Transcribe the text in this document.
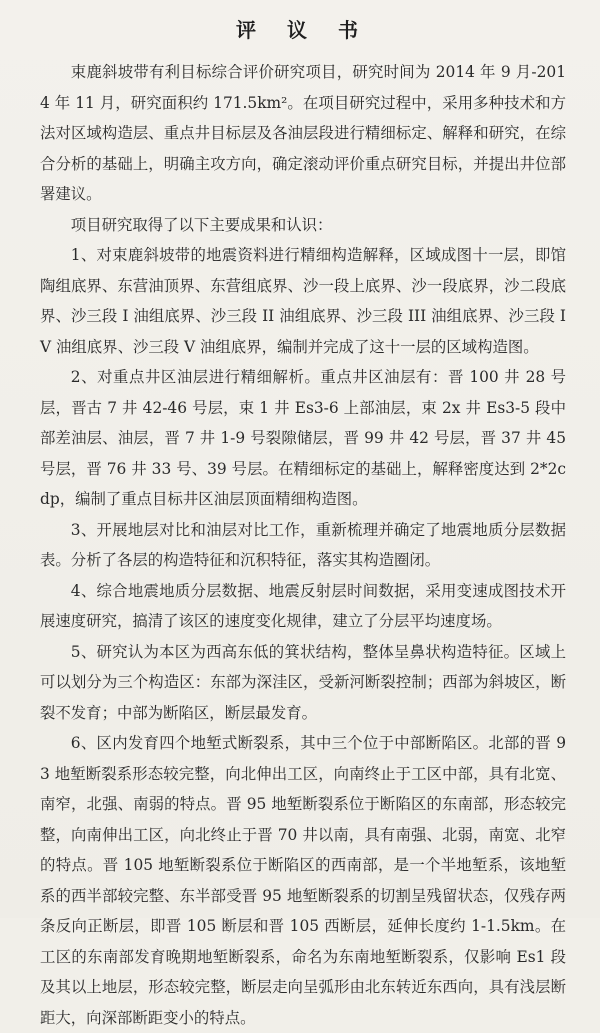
评 议 书

束鹿斜坡带有利目标综合评价研究项目，研究时间为 2014 年 9 月-2014 年 11 月，研究面积约 171.5km²。在项目研究过程中，采用多种技术和方法对区域构造层、重点井目标层及各油层段进行精细标定、解释和研究，在综合分析的基础上，明确主攻方向，确定滚动评价重点研究目标，并提出井位部署建议。

项目研究取得了以下主要成果和认识：

1、对束鹿斜坡带的地震资料进行精细构造解释，区域成图十一层，即馆陶组底界、东营油顶界、东营组底界、沙一段上底界、沙一段底界，沙二段底界、沙三段 I 油组底界、沙三段 II 油组底界、沙三段 III 油组底界、沙三段 IV 油组底界、沙三段 V 油组底界，编制并完成了这十一层的区域构造图。

2、对重点井区油层进行精细解析。重点井区油层有：晋 100 井 28 号层，晋古 7 井 42-46 号层，束 1 井 Es3-6 上部油层，束 2x 井 Es3-5 段中部差油层、油层，晋 7 井 1-9 号裂隙储层，晋 99 井 42 号层，晋 37 井 45 号层，晋 76 井 33 号、39 号层。在精细标定的基础上，解释密度达到 2*2cdp，编制了重点目标井区油层顶面精细构造图。

3、开展地层对比和油层对比工作，重新梳理并确定了地震地质分层数据表。分析了各层的构造特征和沉积特征，落实其构造圈闭。

4、综合地震地质分层数据、地震反射层时间数据，采用变速成图技术开展速度研究，搞清了该区的速度变化规律，建立了分层平均速度场。

5、研究认为本区为西高东低的箕状结构，整体呈鼻状构造特征。区域上可以划分为三个构造区：东部为深洼区，受新河断裂控制；西部为斜坡区，断裂不发育；中部为断陷区，断层最发育。

6、区内发育四个地堑式断裂系，其中三个位于中部断陷区。北部的晋 93 地堑断裂系形态较完整，向北伸出工区，向南终止于工区中部，具有北宽、南窄，北强、南弱的特点。晋 95 地堑断裂系位于断陷区的东南部，形态较完整，向南伸出工区，向北终止于晋 70 井以南，具有南强、北弱，南宽、北窄的特点。晋 105 地堑断裂系位于断陷区的西南部，是一个半地堑系，该地堑系的西半部较完整、东半部受晋 95 地堑断裂系的切割呈残留状态，仅残存两条反向正断层，即晋 105 断层和晋 105 西断层，延伸长度约 1-1.5km。在工区的东南部发育晚期地堑断裂系，命名为东南地堑断裂系，仅影响 Es1 段及其以上地层，形态较完整，断层走向呈弧形由北东转近东西向，具有浅层断距大，向深部断距变小的特点。
